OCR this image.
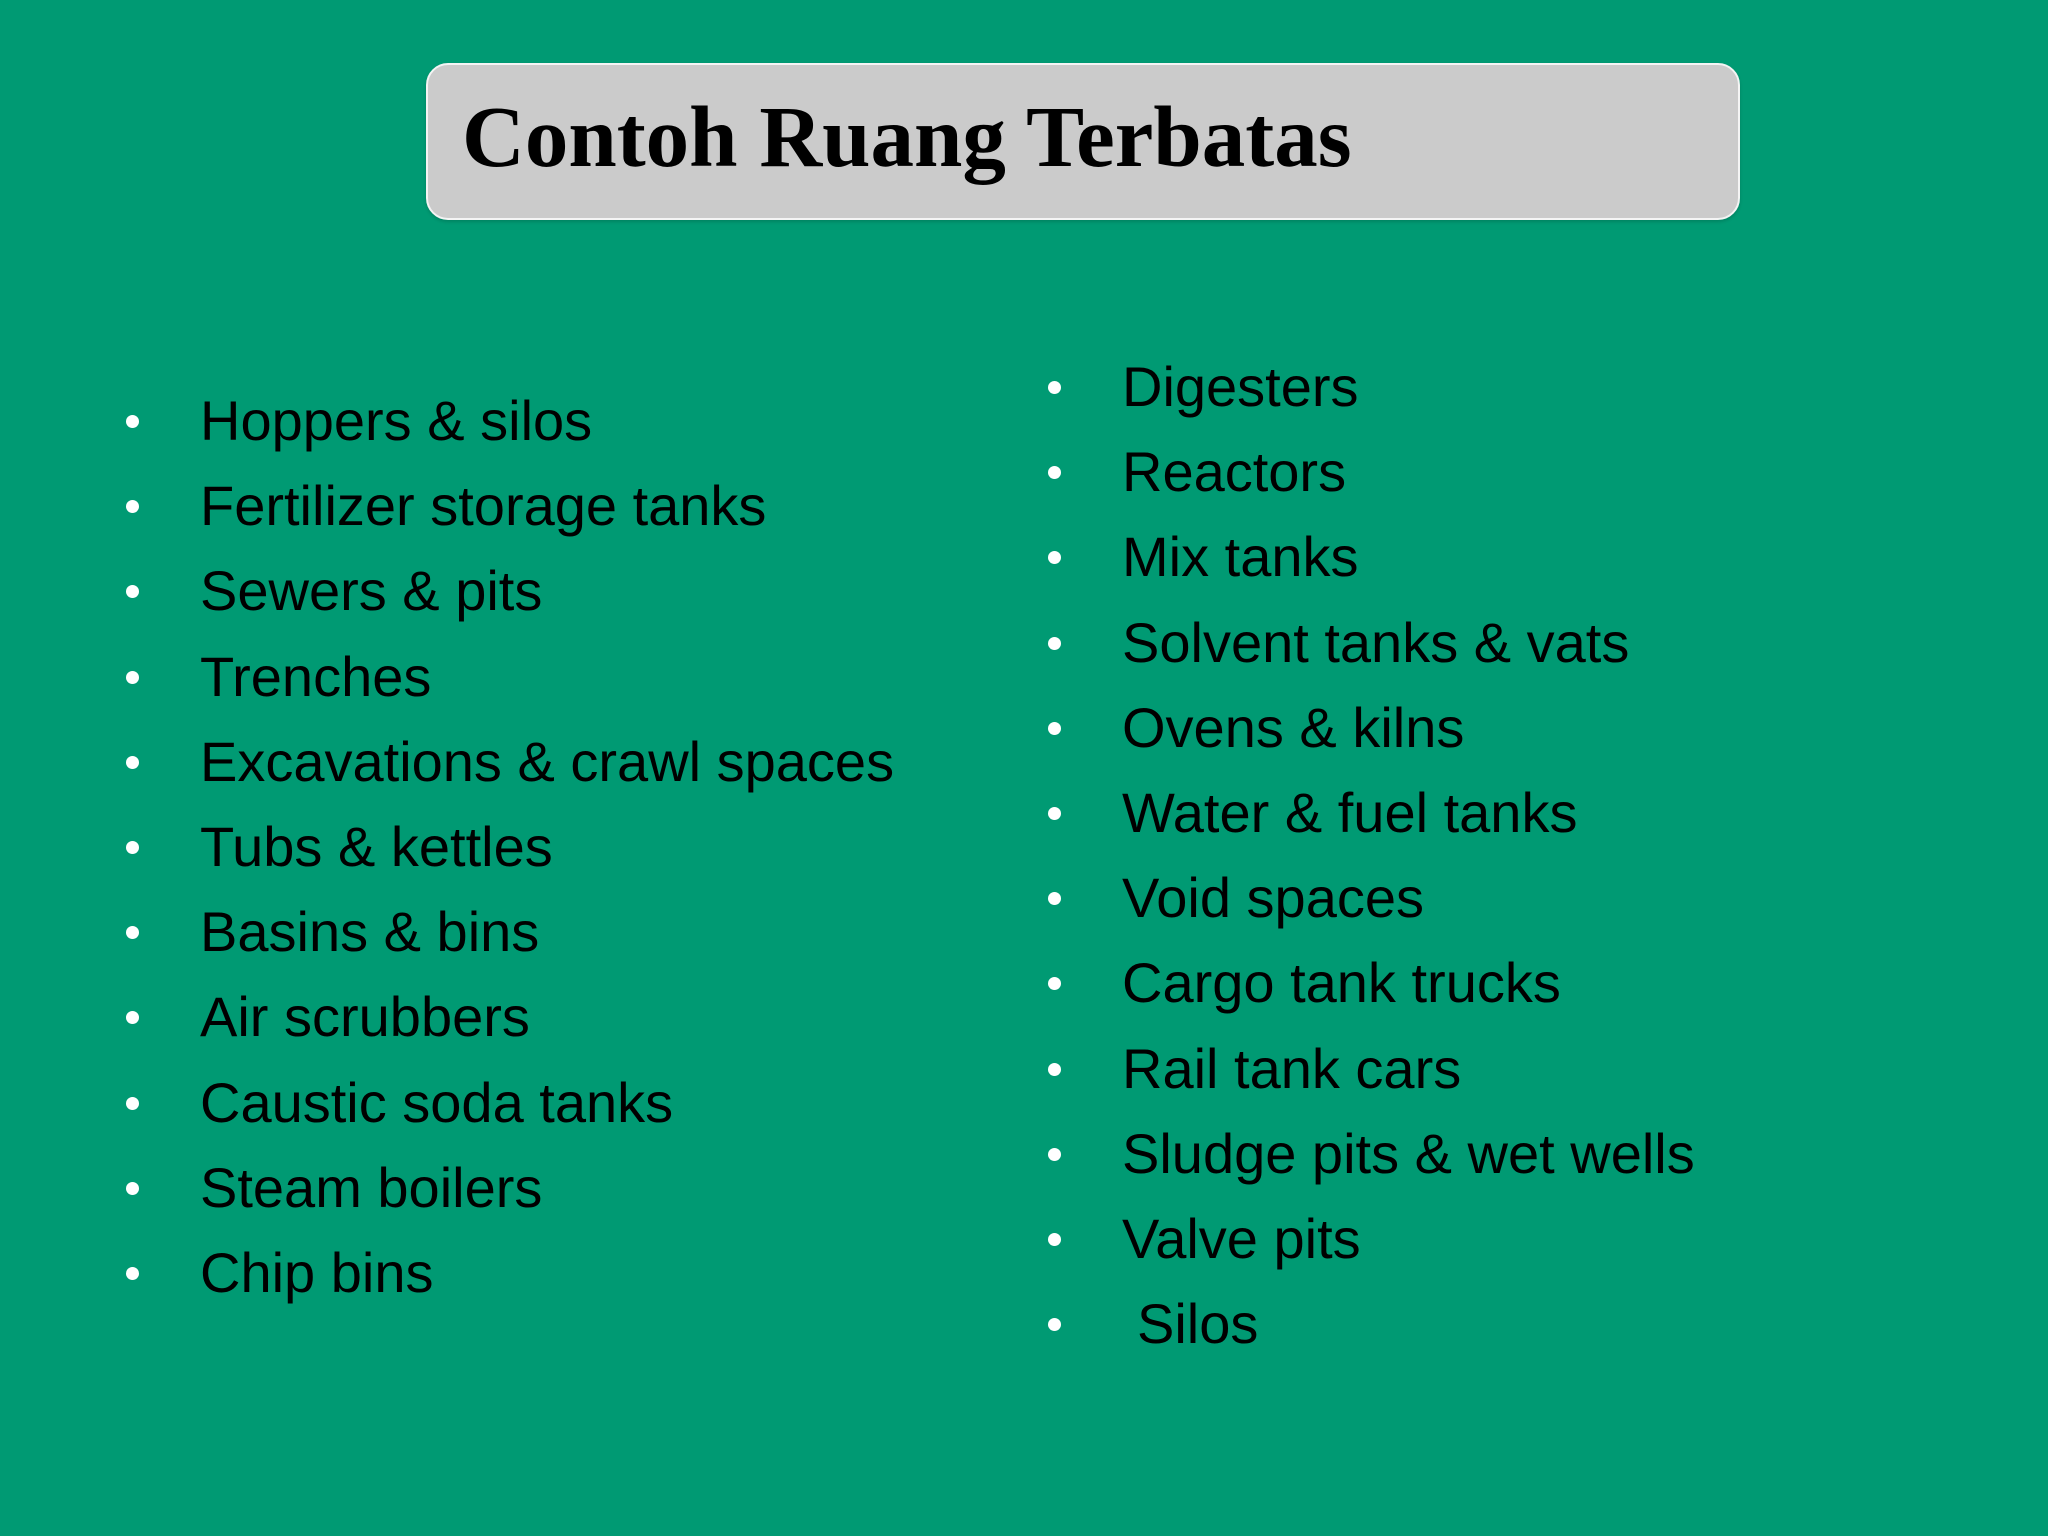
Contoh Ruang Terbatas
Hoppers & silos
Fertilizer storage tanks
Sewers & pits
Trenches
Excavations & crawl spaces
Tubs & kettles
Basins & bins
Air scrubbers
Caustic soda tanks
Steam boilers
Chip bins
Digesters
Reactors
Mix tanks
Solvent tanks & vats
Ovens & kilns
Water & fuel tanks
Void spaces
Cargo tank trucks
Rail tank cars
Sludge pits & wet wells
Valve pits
Silos
